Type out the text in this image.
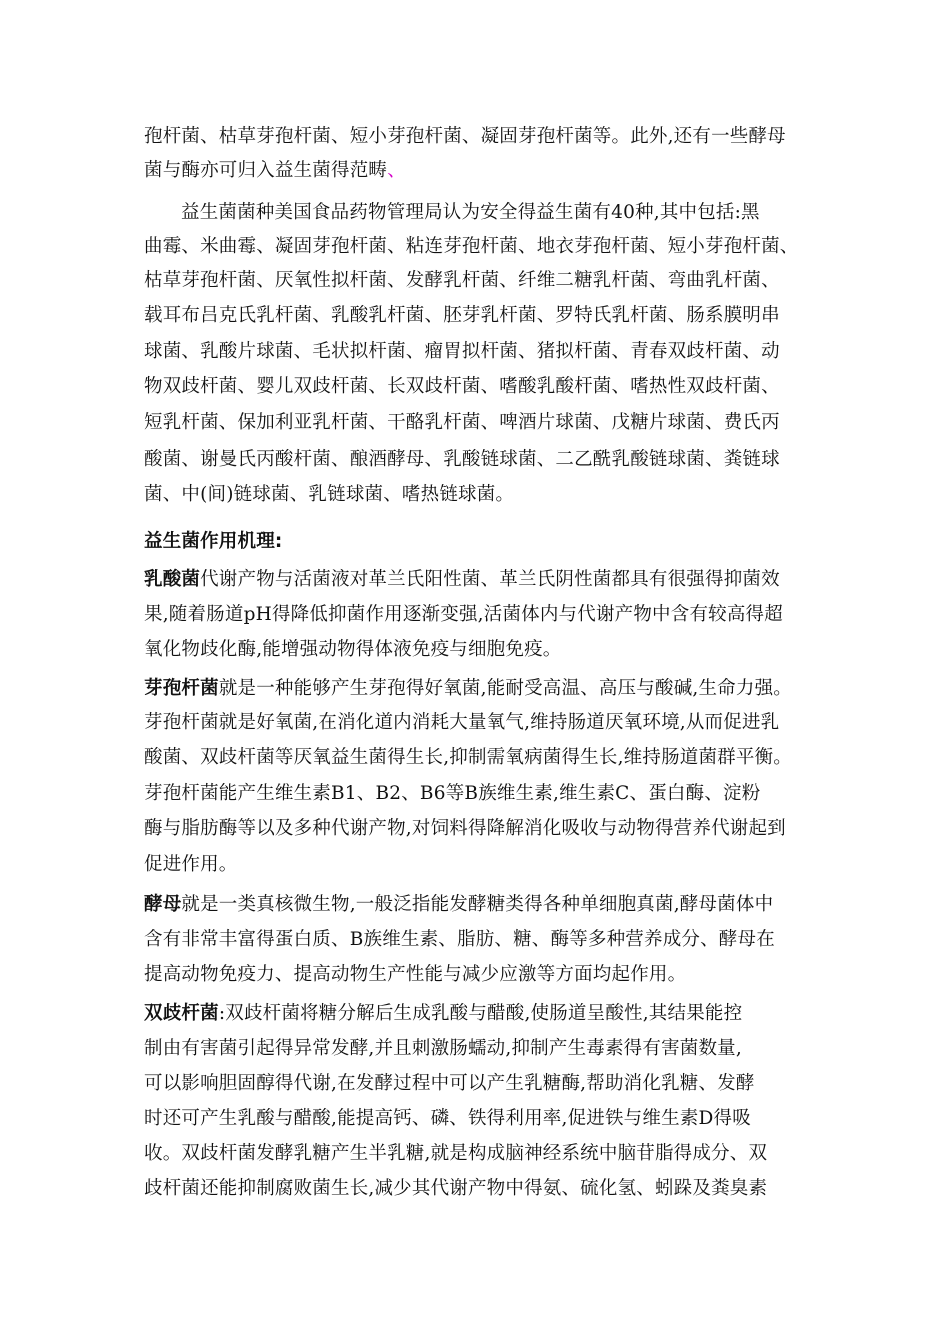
孢杆菌、枯草芽孢杆菌、短小芽孢杆菌、凝固芽孢杆菌等。此外,还有一些酵母
菌与酶亦可归入益生菌得范畴、
益生菌菌种美国食品药物管理局认为安全得益生菌有40种,其中包括:黑
曲霉、米曲霉、凝固芽孢杆菌、粘连芽孢杆菌、地衣芽孢杆菌、短小芽孢杆菌、
枯草芽孢杆菌、厌氧性拟杆菌、发酵乳杆菌、纤维二糖乳杆菌、弯曲乳杆菌、
载耳布吕克氏乳杆菌、乳酸乳杆菌、胚芽乳杆菌、罗特氏乳杆菌、肠系膜明串
球菌、乳酸片球菌、毛状拟杆菌、瘤胃拟杆菌、猪拟杆菌、青春双歧杆菌、动
物双歧杆菌、婴儿双歧杆菌、长双歧杆菌、嗜酸乳酸杆菌、嗜热性双歧杆菌、
短乳杆菌、保加利亚乳杆菌、干酪乳杆菌、啤酒片球菌、戊糖片球菌、费氏丙
酸菌、谢曼氏丙酸杆菌、酿酒酵母、乳酸链球菌、二乙酰乳酸链球菌、粪链球
菌、中(间)链球菌、乳链球菌、嗜热链球菌。
益生菌作用机理:
乳酸菌代谢产物与活菌液对革兰氏阳性菌、革兰氏阴性菌都具有很强得抑菌效
果,随着肠道pH得降低抑菌作用逐渐变强,活菌体内与代谢产物中含有较高得超
氧化物歧化酶,能增强动物得体液免疫与细胞免疫。
芽孢杆菌就是一种能够产生芽孢得好氧菌,能耐受高温、高压与酸碱,生命力强。
芽孢杆菌就是好氧菌,在消化道内消耗大量氧气,维持肠道厌氧环境,从而促进乳
酸菌、双歧杆菌等厌氧益生菌得生长,抑制需氧病菌得生长,维持肠道菌群平衡。
芽孢杆菌能产生维生素B1、B2、B6等B族维生素,维生素C、蛋白酶、淀粉
酶与脂肪酶等以及多种代谢产物,对饲料得降解消化吸收与动物得营养代谢起到
促进作用。
酵母就是一类真核微生物,一般泛指能发酵糖类得各种单细胞真菌,酵母菌体中
含有非常丰富得蛋白质、B族维生素、脂肪、糖、酶等多种营养成分、酵母在
提高动物免疫力、提高动物生产性能与减少应激等方面均起作用。
双歧杆菌:双歧杆菌将糖分解后生成乳酸与醋酸,使肠道呈酸性,其结果能控
制由有害菌引起得异常发酵,并且刺激肠蠕动,抑制产生毒素得有害菌数量,
可以影响胆固醇得代谢,在发酵过程中可以产生乳糖酶,帮助消化乳糖、发酵
时还可产生乳酸与醋酸,能提高钙、磷、铁得利用率,促进铁与维生素D得吸
收。双歧杆菌发酵乳糖产生半乳糖,就是构成脑神经系统中脑苷脂得成分、双
歧杆菌还能抑制腐败菌生长,减少其代谢产物中得氨、硫化氢、蚓跺及粪臭素
